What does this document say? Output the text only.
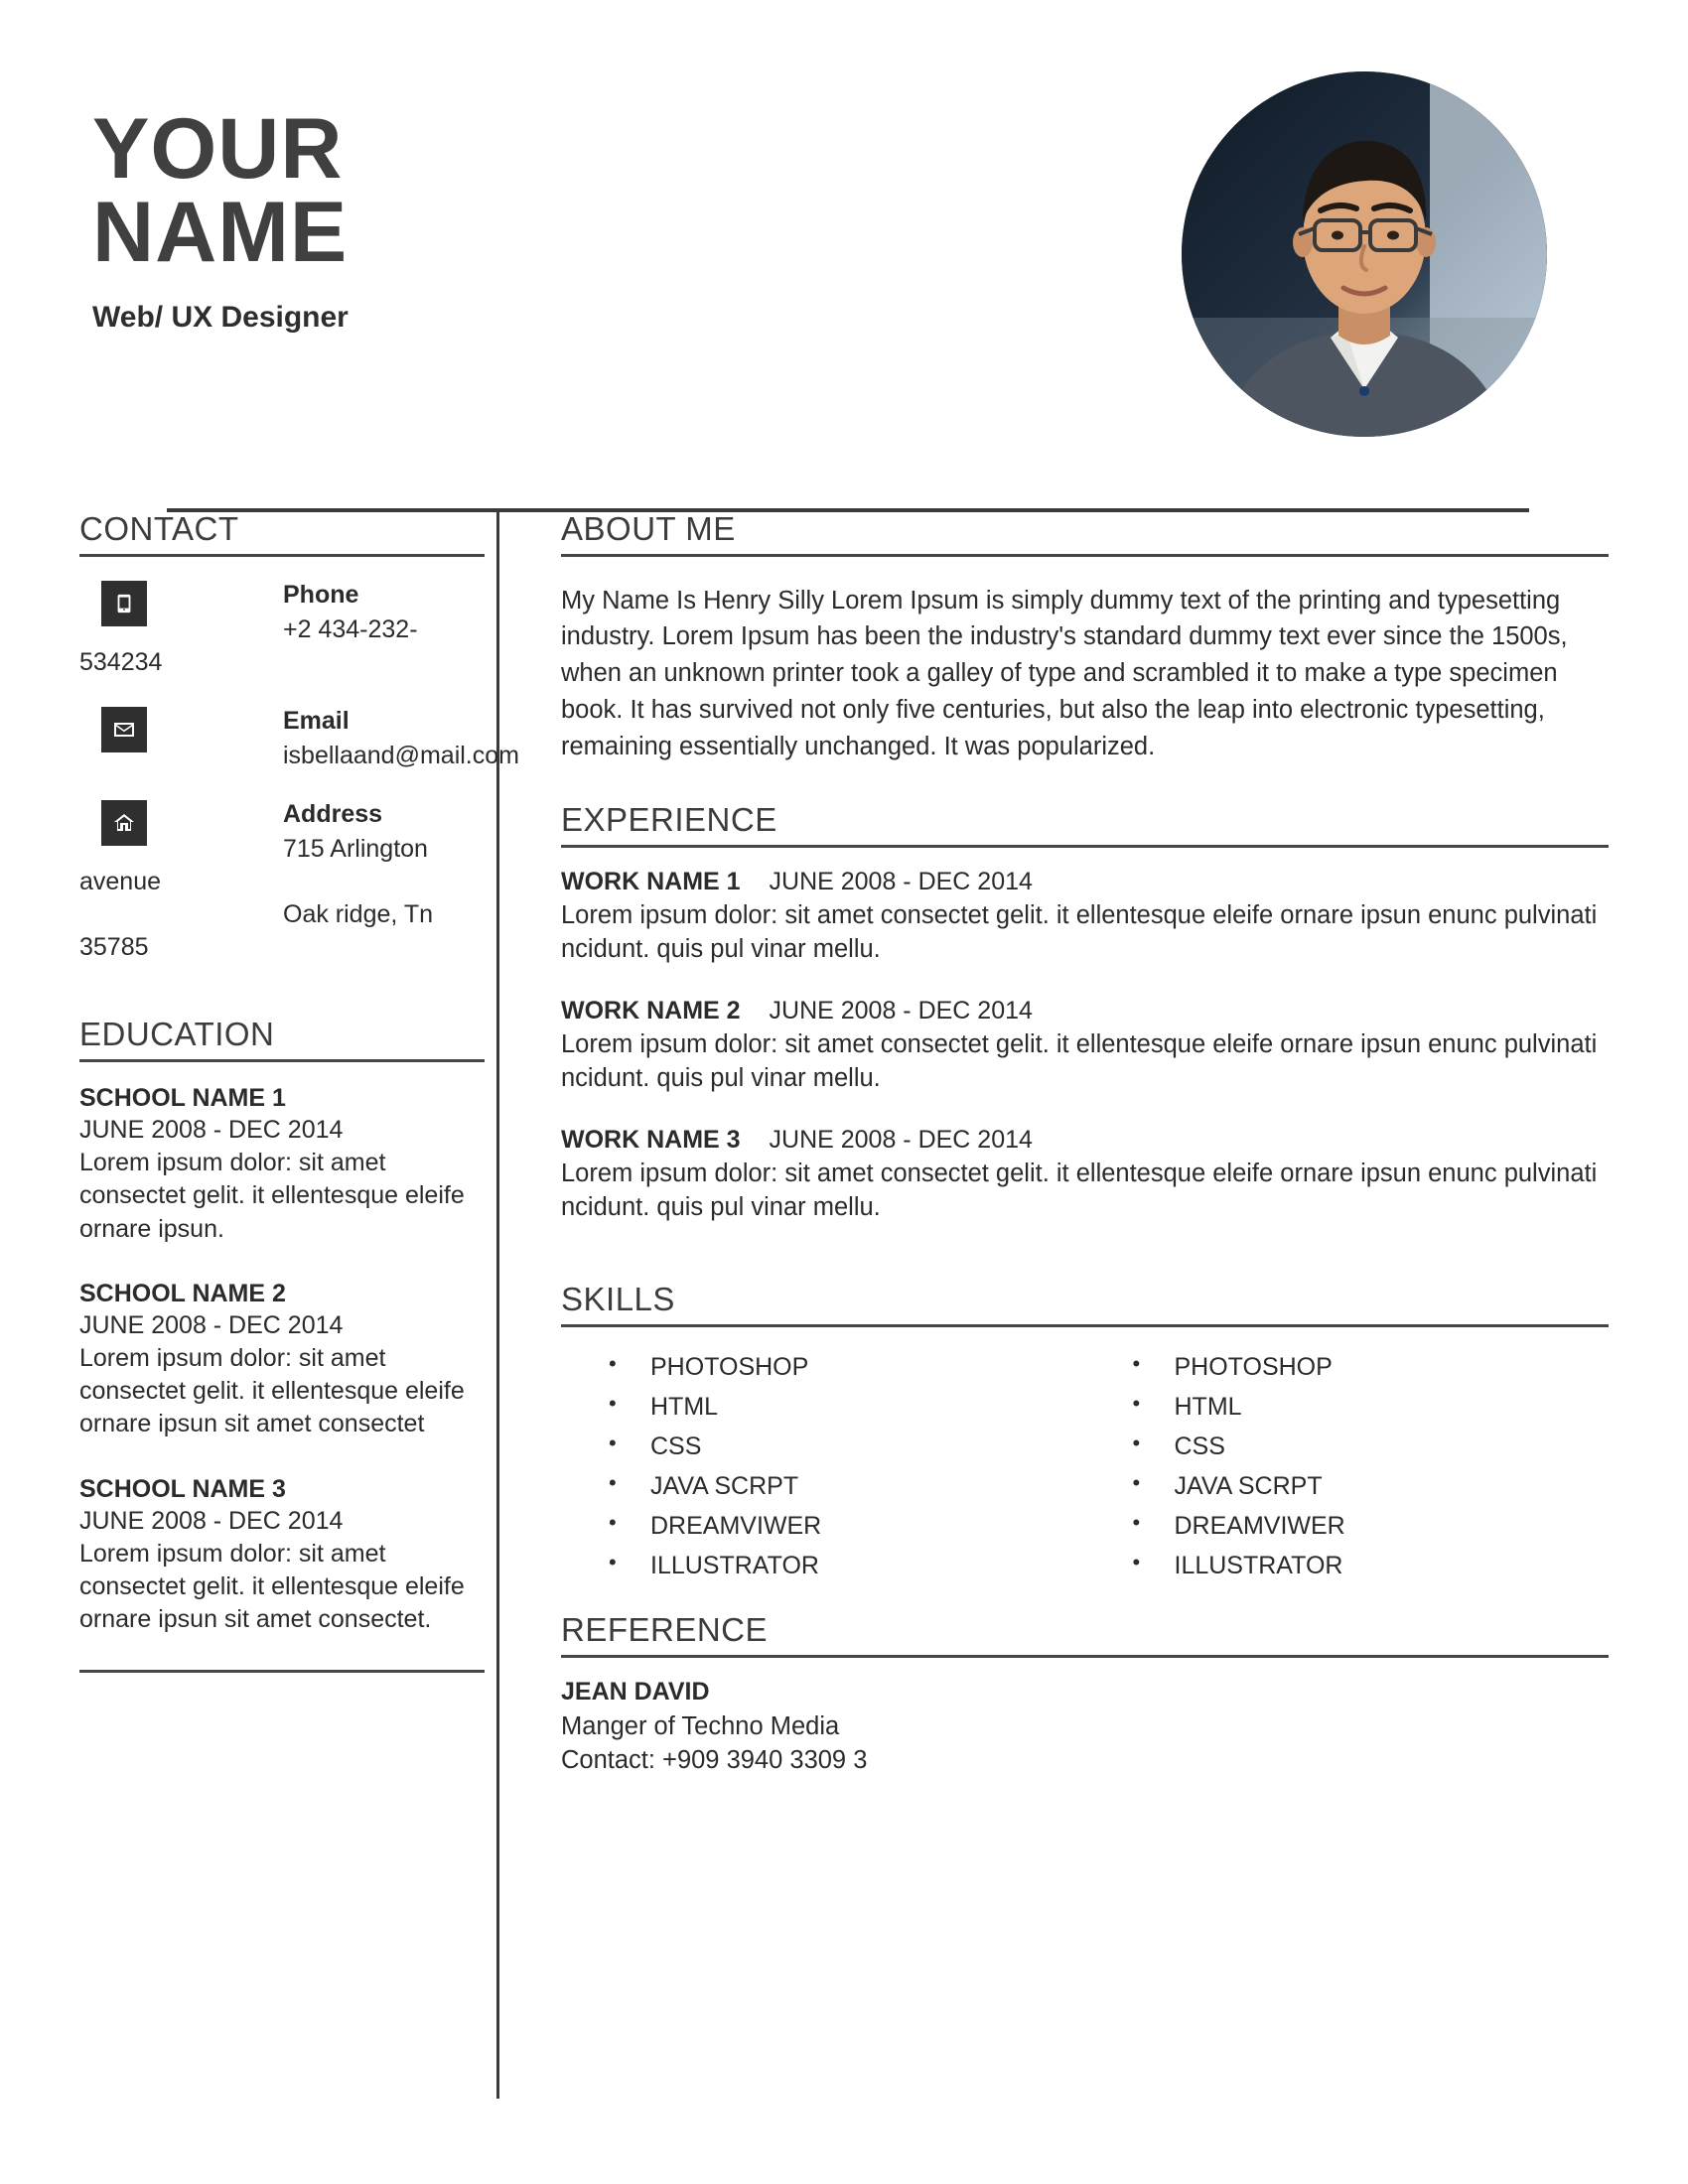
YOUR
NAME
Web/ UX Designer
CONTACT
Phone
+2 434-232-534234
Email
isbellaand@mail.com
Address
715 Arlington avenue
Oak ridge, Tn 35785
EDUCATION
SCHOOL NAME 1
JUNE 2008 - DEC 2014
Lorem ipsum dolor: sit amet consectet gelit. it ellentesque eleife ornare ipsun.
SCHOOL NAME 2
JUNE 2008 - DEC 2014
Lorem ipsum dolor: sit amet consectet gelit. it ellentesque eleife ornare ipsun sit amet consectet
SCHOOL NAME 3
JUNE 2008 - DEC 2014
Lorem ipsum dolor: sit amet consectet gelit. it ellentesque eleife ornare ipsun sit amet consectet.
ABOUT ME

My Name Is Henry Silly Lorem Ipsum is simply dummy text of the printing and typesetting industry. Lorem Ipsum has been the industry's standard dummy text ever since the 1500s, when an unknown printer took a galley of type and scrambled it to make a type specimen book. It has survived not only five centuries, but also the leap into electronic typesetting, remaining essentially unchanged. It was popularized.

EXPERIENCE
WORK NAME 1 JUNE 2008 - DEC 2014
Lorem ipsum dolor: sit amet consectet gelit. it ellentesque eleife ornare ipsun enunc pulvinati ncidunt. quis pul vinar mellu.
WORK NAME 2 JUNE 2008 - DEC 2014
Lorem ipsum dolor: sit amet consectet gelit. it ellentesque eleife ornare ipsun enunc pulvinati ncidunt. quis pul vinar mellu.
WORK NAME 3 JUNE 2008 - DEC 2014
Lorem ipsum dolor: sit amet consectet gelit. it ellentesque eleife ornare ipsun enunc pulvinati ncidunt. quis pul vinar mellu.
SKILLS
• PHOTOSHOP
• HTML
• CSS
• JAVA SCRPT
• DREAMVIWER
• ILLUSTRATOR
• PHOTOSHOP
• HTML
• CSS
• JAVA SCRPT
• DREAMVIWER
• ILLUSTRATOR
REFERENCE
JEAN DAVID
Manger of Techno Media
Contact: +909 3940 3309 3
